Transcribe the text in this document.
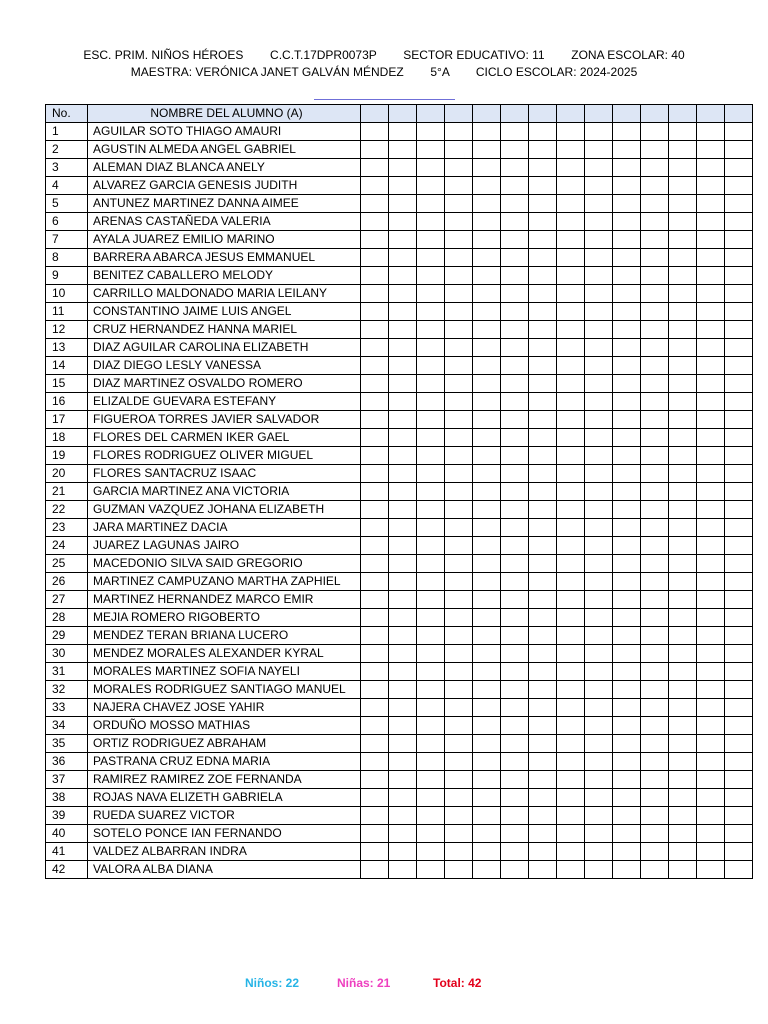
ESC. PRIM. NIÑOS HÉROES        C.C.T.17DPR0073P        SECTOR EDUCATIVO: 11        ZONA ESCOLAR: 40
MAESTRA: VERÓNICA JANET GALVÁN MÉNDEZ        5°A        CICLO ESCOLAR: 2024-2025
No.	NOMBRE DEL ALUMNO (A)														
1	AGUILAR SOTO THIAGO AMAURI														
2	AGUSTIN ALMEDA ANGEL GABRIEL														
3	ALEMAN DIAZ BLANCA ANELY														
4	ALVAREZ GARCIA GENESIS JUDITH														
5	ANTUNEZ MARTINEZ DANNA AIMEE														
6	ARENAS CASTAÑEDA VALERIA														
7	AYALA JUAREZ EMILIO MARINO														
8	BARRERA ABARCA JESUS EMMANUEL														
9	BENITEZ CABALLERO MELODY														
10	CARRILLO MALDONADO MARIA LEILANY														
11	CONSTANTINO JAIME LUIS ANGEL														
12	CRUZ HERNANDEZ HANNA MARIEL														
13	DIAZ AGUILAR CAROLINA ELIZABETH														
14	DIAZ DIEGO LESLY VANESSA														
15	DIAZ MARTINEZ OSVALDO ROMERO														
16	ELIZALDE GUEVARA ESTEFANY														
17	FIGUEROA TORRES JAVIER SALVADOR														
18	FLORES DEL CARMEN IKER GAEL														
19	FLORES RODRIGUEZ OLIVER MIGUEL														
20	FLORES SANTACRUZ ISAAC														
21	GARCIA MARTINEZ ANA VICTORIA														
22	GUZMAN VAZQUEZ JOHANA ELIZABETH														
23	JARA MARTINEZ DACIA														
24	JUAREZ LAGUNAS JAIRO														
25	MACEDONIO SILVA SAID GREGORIO														
26	MARTINEZ CAMPUZANO MARTHA ZAPHIEL														
27	MARTINEZ HERNANDEZ MARCO EMIR														
28	MEJIA ROMERO RIGOBERTO														
29	MENDEZ TERAN BRIANA LUCERO														
30	MENDEZ MORALES ALEXANDER KYRAL														
31	MORALES MARTINEZ SOFIA NAYELI														
32	MORALES RODRIGUEZ SANTIAGO MANUEL														
33	NAJERA CHAVEZ JOSE YAHIR														
34	ORDUÑO MOSSO MATHIAS														
35	ORTIZ RODRIGUEZ ABRAHAM														
36	PASTRANA CRUZ EDNA MARIA														
37	RAMIREZ RAMIREZ ZOE FERNANDA														
38	ROJAS NAVA ELIZETH GABRIELA														
39	RUEDA SUAREZ VICTOR														
40	SOTELO PONCE IAN FERNANDO														
41	VALDEZ ALBARRAN INDRA														
42	VALORA ALBA DIANA														
Niños: 22	Niñas: 21	Total: 42
